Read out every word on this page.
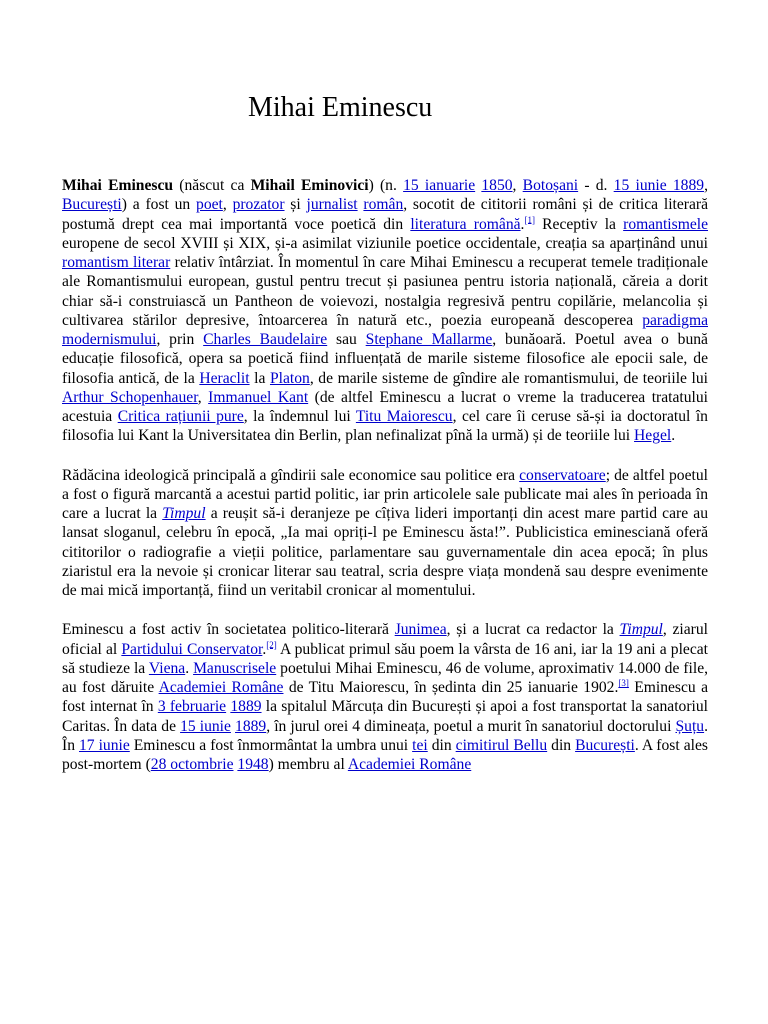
Mihai Eminescu

Mihai Eminescu (născut ca Mihail Eminovici) (n. 15 ianuarie 1850, Botoșani - d. 15 iunie 1889, București) a fost un poet, prozator și jurnalist român, socotit de cititorii români și de critica literară postumă drept cea mai importantă voce poetică din literatura română.[1] Receptiv la romantismele europene de secol XVIII și XIX, și-a asimilat viziunile poetice occidentale, creația sa aparținând unui romantism literar relativ întârziat. În momentul în care Mihai Eminescu a recuperat temele tradiționale ale Romantismului european, gustul pentru trecut și pasiunea pentru istoria națională, căreia a dorit chiar să-i construiască un Pantheon de voievozi, nostalgia regresivă pentru copilărie, melancolia și cultivarea stărilor depresive, întoarcerea în natură etc., poezia europeană descoperea paradigma modernismului, prin Charles Baudelaire sau Stephane Mallarme, bunăoară. Poetul avea o bună educație filosofică, opera sa poetică fiind influențată de marile sisteme filosofice ale epocii sale, de filosofia antică, de la Heraclit la Platon, de marile sisteme de gîndire ale romantismului, de teoriile lui Arthur Schopenhauer, Immanuel Kant (de altfel Eminescu a lucrat o vreme la traducerea tratatului acestuia Critica rațiunii pure, la îndemnul lui Titu Maiorescu, cel care îi ceruse să-și ia doctoratul în filosofia lui Kant la Universitatea din Berlin, plan nefinalizat pînă la urmă) și de teoriile lui Hegel.

Rădăcina ideologică principală a gîndirii sale economice sau politice era conservatoare; de altfel poetul a fost o figură marcantă a acestui partid politic, iar prin articolele sale publicate mai ales în perioada în care a lucrat la Timpul a reușit să-i deranjeze pe cîțiva lideri importanți din acest mare partid care au lansat sloganul, celebru în epocă, „Ia mai opriți-l pe Eminescu ăsta!”. Publicistica eminesciană oferă cititorilor o radiografie a vieții politice, parlamentare sau guvernamentale din acea epocă; în plus ziaristul era la nevoie și cronicar literar sau teatral, scria despre viața mondenă sau despre evenimente de mai mică importanță, fiind un veritabil cronicar al momentului.

Eminescu a fost activ în societatea politico-literară Junimea, și a lucrat ca redactor la Timpul, ziarul oficial al Partidului Conservator.[2] A publicat primul său poem la vârsta de 16 ani, iar la 19 ani a plecat să studieze la Viena. Manuscrisele poetului Mihai Eminescu, 46 de volume, aproximativ 14.000 de file, au fost dăruite Academiei Române de Titu Maiorescu, în ședinta din 25 ianuarie 1902.[3] Eminescu a fost internat în 3 februarie 1889 la spitalul Mărcuța din București și apoi a fost transportat la sanatoriul Caritas. În data de 15 iunie 1889, în jurul orei 4 dimineața, poetul a murit în sanatoriul doctorului Șuțu. În 17 iunie Eminescu a fost înmormântat la umbra unui tei din cimitirul Bellu din București. A fost ales post-mortem (28 octombrie 1948) membru al Academiei Române
